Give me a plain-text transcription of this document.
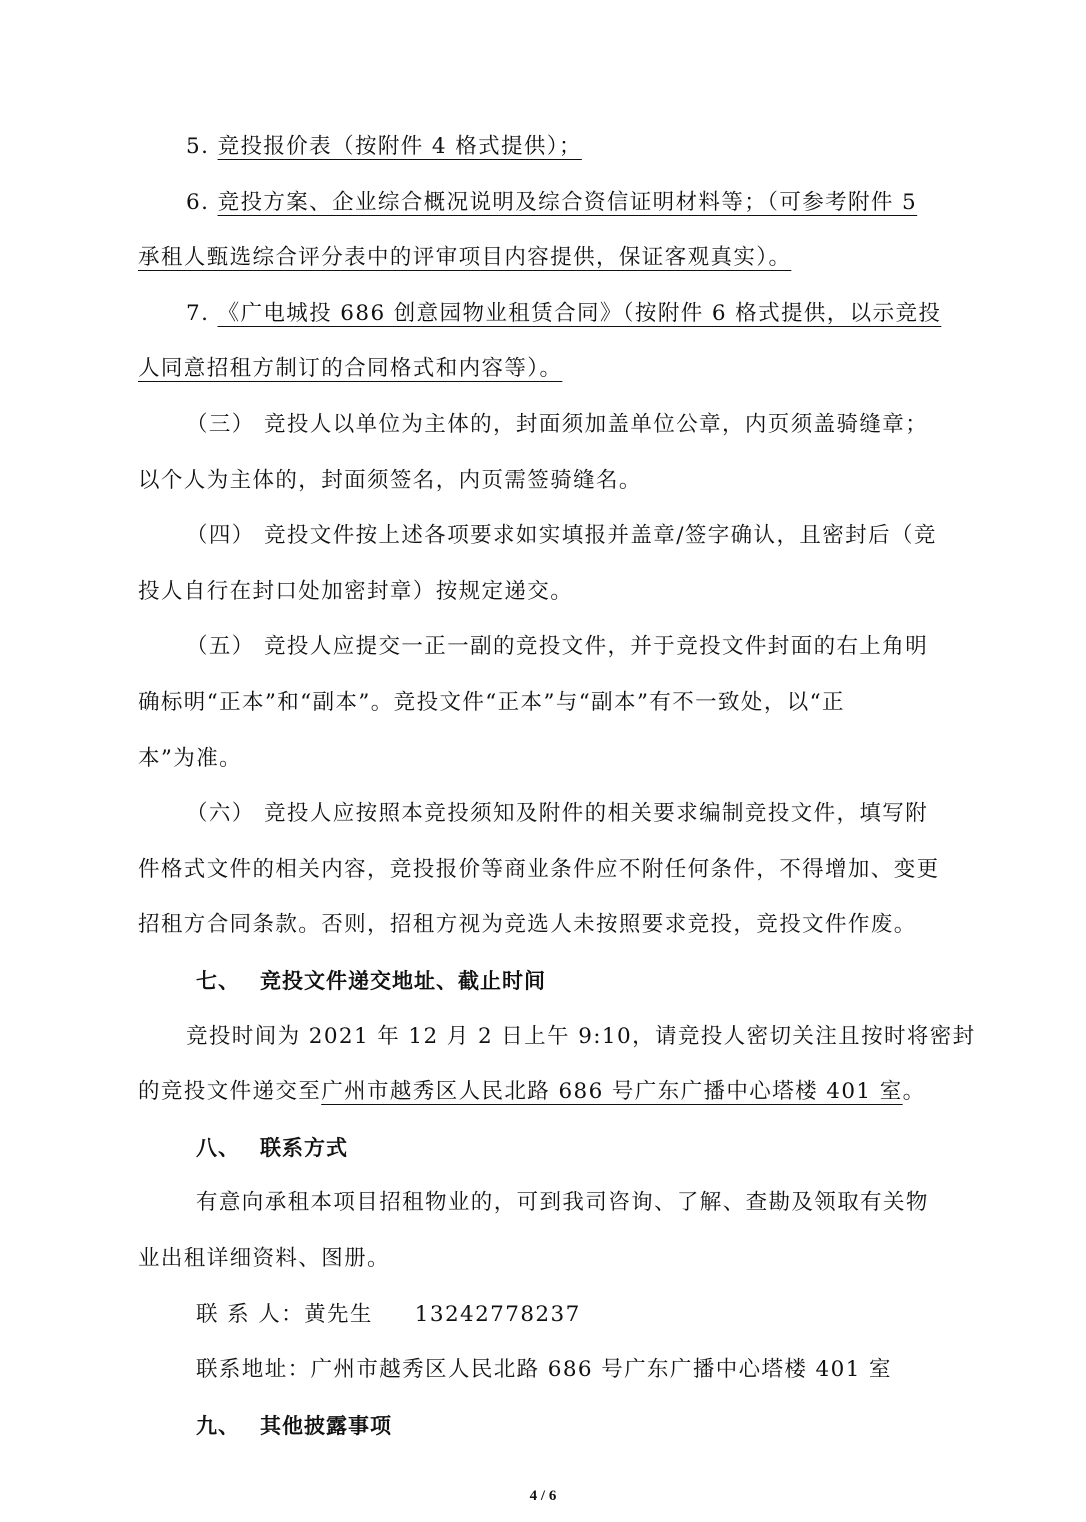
5. 竞投报价表（按附件 4 格式提供）；
6. 竞投方案、企业综合概况说明及综合资信证明材料等；（可参考附件 5
承租人甄选综合评分表中的评审项目内容提供，保证客观真实）。
7. 《广电城投 686 创意园物业租赁合同》（按附件 6 格式提供，以示竞投
人同意招租方制订的合同格式和内容等）。
（三） 竞投人以单位为主体的，封面须加盖单位公章，内页须盖骑缝章；
以个人为主体的，封面须签名，内页需签骑缝名。
（四） 竞投文件按上述各项要求如实填报并盖章/签字确认，且密封后（竞
投人自行在封口处加密封章）按规定递交。
（五） 竞投人应提交一正一副的竞投文件，并于竞投文件封面的右上角明
确标明“正本”和“副本”。竞投文件“正本”与“副本”有不一致处，以“正
本”为准。
（六） 竞投人应按照本竞投须知及附件的相关要求编制竞投文件，填写附
件格式文件的相关内容，竞投报价等商业条件应不附任何条件，不得增加、变更
招租方合同条款。否则，招租方视为竞选人未按照要求竞投，竞投文件作废。
七、 竞投文件递交地址、截止时间
竞投时间为 2021 年 12 月 2 日上午 9:10，请竞投人密切关注且按时将密封
的竞投文件递交至广州市越秀区人民北路 686 号广东广播中心塔楼 401 室。
八、 联系方式
有意向承租本项目招租物业的，可到我司咨询、了解、查勘及领取有关物
业出租详细资料、图册。
联 系 人：黄先生 13242778237
联系地址：广州市越秀区人民北路 686 号广东广播中心塔楼 401 室
九、 其他披露事项
4 / 6
